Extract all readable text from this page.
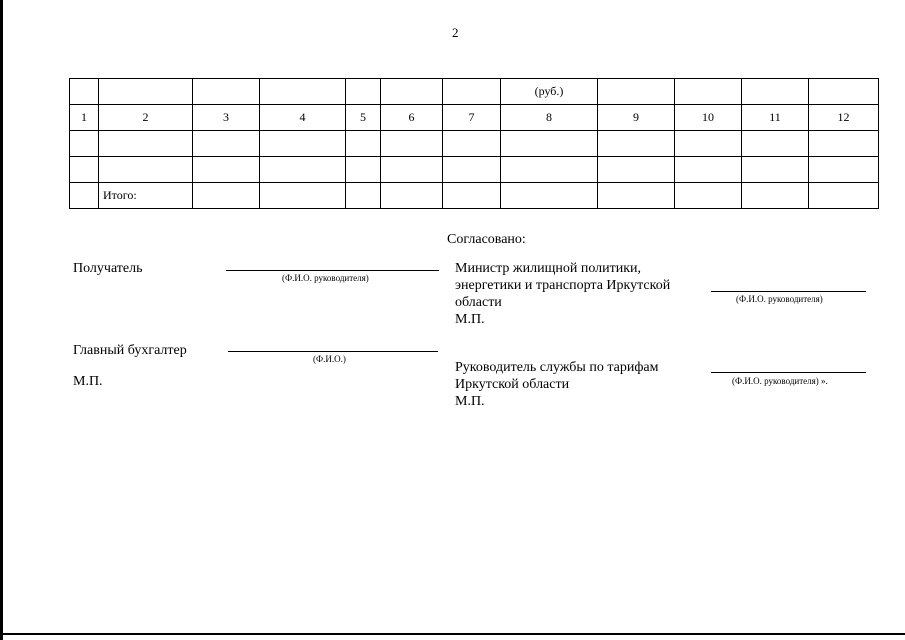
2
							(руб.)				
1	2	3	4	5	6	7	8	9	10	11	12

	Итого:										
Согласовано:
Получатель
(Ф.И.О. руководителя)
Главный бухгалтер
(Ф.И.О.)
М.П.
Министр жилищной политики,
энергетики и транспорта Иркутской
области
М.П.
(Ф.И.О. руководителя)
Руководитель службы по тарифам
Иркутской области
М.П.
(Ф.И.О. руководителя) ».
